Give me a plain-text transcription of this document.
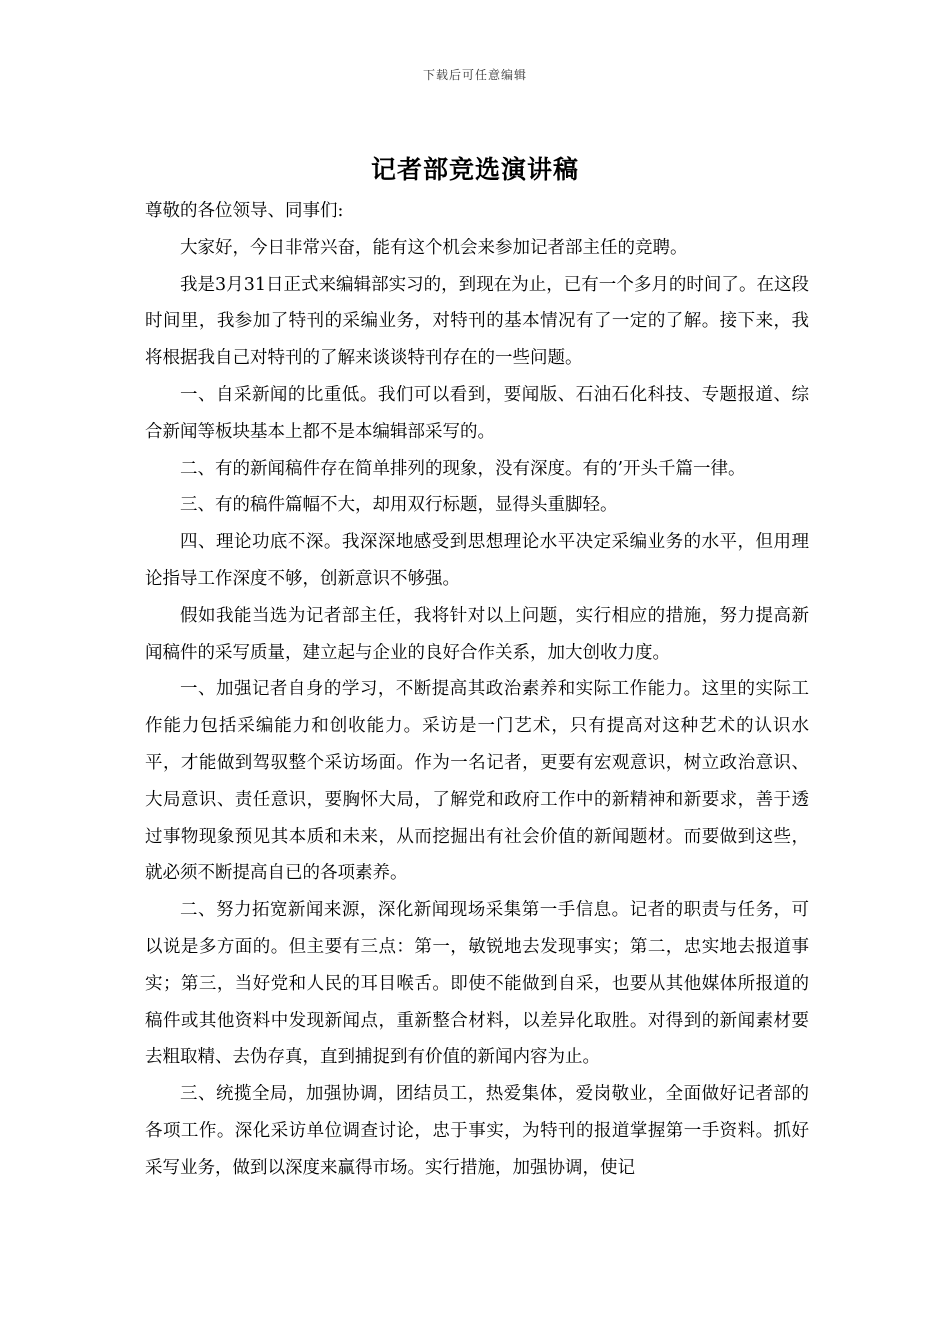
下载后可任意编辑
记者部竞选演讲稿

尊敬的各位领导、同事们:

大家好，今日非常兴奋，能有这个机会来参加记者部主任的竞聘。

我是3月31日正式来编辑部实习的，到现在为止，已有一个多月的时间了。在这段时间里，我参加了特刊的采编业务，对特刊的基本情况有了一定的了解。接下来，我将根据我自己对特刊的了解来谈谈特刊存在的一些问题。

一、自采新闻的比重低。我们可以看到，要闻版、石油石化科技、专题报道、综合新闻等板块基本上都不是本编辑部采写的。

二、有的新闻稿件存在简单排列的现象，没有深度。有的’开头千篇一律。

三、有的稿件篇幅不大，却用双行标题，显得头重脚轻。

四、理论功底不深。我深深地感受到思想理论水平决定采编业务的水平，但用理论指导工作深度不够，创新意识不够强。

假如我能当选为记者部主任，我将针对以上问题，实行相应的措施，努力提高新闻稿件的采写质量，建立起与企业的良好合作关系，加大创收力度。

一、加强记者自身的学习，不断提高其政治素养和实际工作能力。这里的实际工作能力包括采编能力和创收能力。采访是一门艺术，只有提高对这种艺术的认识水平，才能做到驾驭整个采访场面。作为一名记者，更要有宏观意识，树立政治意识、大局意识、责任意识，要胸怀大局，了解党和政府工作中的新精神和新要求，善于透过事物现象预见其本质和未来，从而挖掘出有社会价值的新闻题材。而要做到这些，就必须不断提高自已的各项素养。

二、努力拓宽新闻来源，深化新闻现场采集第一手信息。记者的职责与任务，可以说是多方面的。但主要有三点：第一，敏锐地去发现事实；第二，忠实地去报道事实；第三，当好党和人民的耳目喉舌。即使不能做到自采，也要从其他媒体所报道的稿件或其他资料中发现新闻点，重新整合材料，以差异化取胜。对得到的新闻素材要去粗取精、去伪存真，直到捕捉到有价值的新闻内容为止。

三、统揽全局，加强协调，团结员工，热爱集体，爱岗敬业，全面做好记者部的各项工作。深化采访单位调查讨论，忠于事实，为特刊的报道掌握第一手资料。抓好采写业务，做到以深度来赢得市场。实行措施，加强协调，使记
